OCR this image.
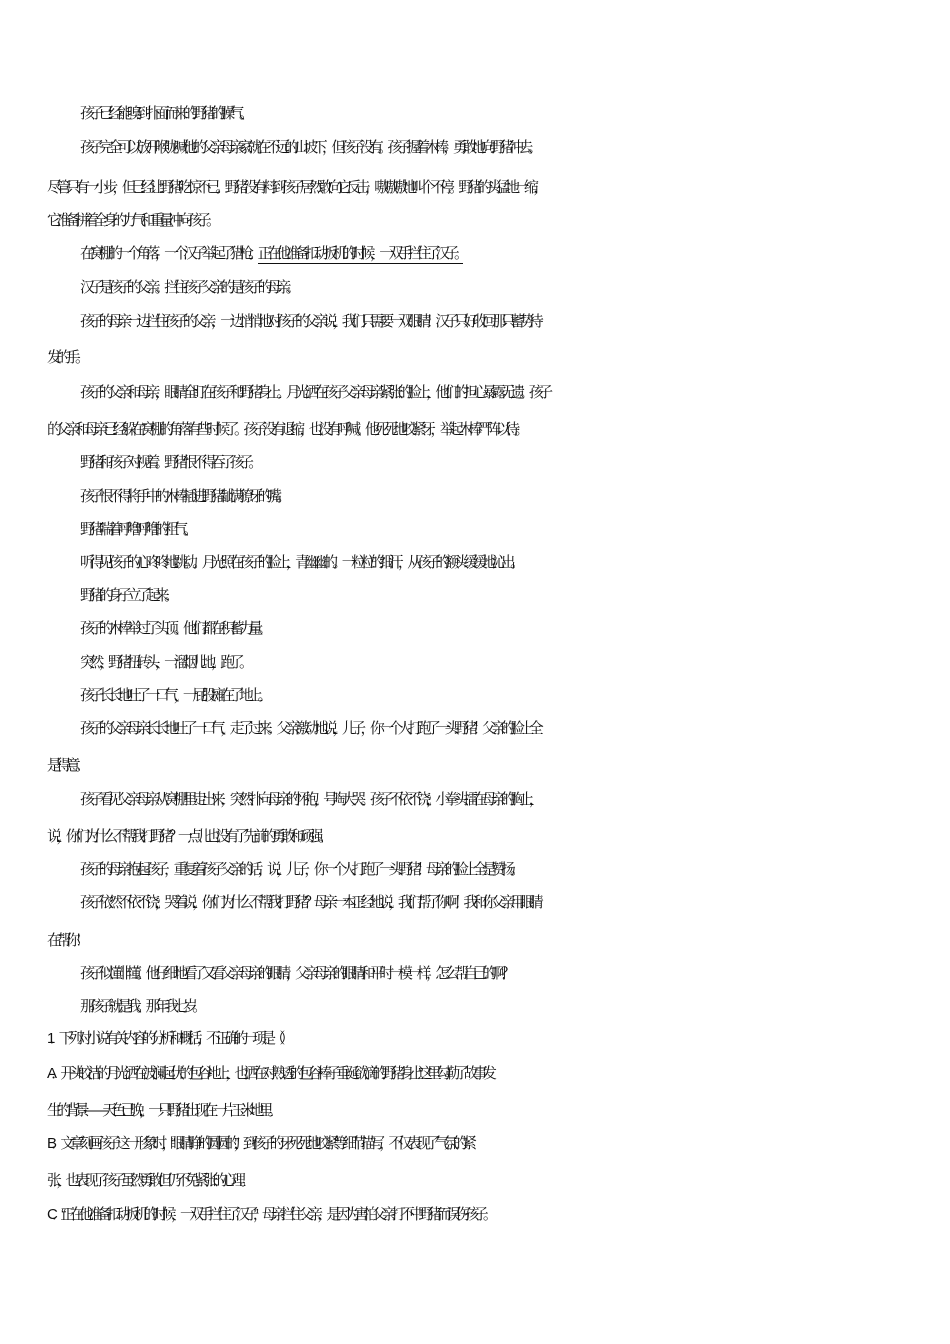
孩子已经能嗅到扑面而来的野猪的臊气。
孩子完全可以放开喉咙喊他的父亲母亲--家就在不远的山坡下，但孩子没有。孩子握着木棒，勇敢地向野猪冲去。
尽管只有一小步，但已经让野猪吃惊不已。野猪没有料到孩子居然敢向它反击，嗷嗷嗷地叫个不停。野猪的头猛地一缩，
它准备拼着全身的力气和重量冲向孩子。
在窝棚的一个角落，一个汉子举起了猎枪。正在他准备扣动扳机的时候，一双手拦住了汉子。
汉子是孩子的父亲。拦住孩子父亲的是孩子的母亲。
孩子的母亲一边拦住孩子的父亲，一边悄悄地对孩子的父亲说，我们只需要一双眼睛！汉子只好收回那只蓄势待
发的手。
孩子的父亲和母亲，眼睛全盯在孩子和野猪身上。月光洒在孩子父亲母亲紧张的脸上，他们的担心暴露无遗。孩子
的父亲和母亲已经躲在窝棚的角落有些时候了。孩子没有退缩，也没有呼喊。他死死地咬紧牙，举起木棒严阵以待。
野猪和孩子对视着。野猪恨不得吞了孩子。
孩子恨不得将手中的木棒插进野猪龇满獠牙的嘴。
野猪喘着呼噜呼噜的粗气。
听得见孩子的心咚咚地跳动。月光照在孩子的脸上，青幽幽的。一粒粒的细汗，从孩子的额头缓缓地沁出。
野猪的身子立了起来。
孩子的木棒举过了头顶。他们都在积蓄力量。
突然，野猪扭转头，一溜烟儿地，跑了。
孩子长长地吐了一口气，一屁股瘫在了地上。
孩子的父亲母亲长长地吐了一口气，走了过来。父亲激动地说，儿子，你一个人打跑了一头野猪！父亲的脸上全
是得意。
孩子看见父亲母亲从窝棚里走出来，突然扑向母亲的怀抱，号啕大哭。孩子不依不饶，小拳头擂在母亲的胸上，
说，你们为什么不帮我打野猪？一点儿也没有了先前的勇敢和顽强。
孩子的母亲抱起孩子，重复着孩子父亲的话，说，儿子，你一个人打跑了一头野猪！母亲的脸上全是赞扬。
孩子依然不依不饶，哭着说，你们为什么不帮我打野猪？母亲一本正经地说，我们帮了你啊！我和你父亲用眼睛
在帮你！
孩子似懂非懂。他仔细地看了又看父亲母亲的眼睛，父亲母亲的眼睛和平时一模一样，怎么帮自己的啊？
那孩子就是我。那年我七岁。
1．下列对小说有关内容的分析和概括，不正确的一项是（）
A．开头“皎洁的月光洒在波澜起伏的包谷地上，也洒在对熟透的包谷棒子垂涎欲滴的野猪身上”这里勾勒了故事发
生的背景——天色已晚，一只野猪出现在一片玉米地里。
B．文章刻画孩子这一形象时，“眼睛睁的圆圆的”，到“孩子的牙死死地咬紧”等细节描写，不仅表现了气氛的紧
张，也表现了孩子虽然勇敢但仍不免紧张的心理。
C．“正在他准备扣动扳机的时候，一双手拦住了汉子”，母亲拦住父亲，是因为害怕父亲打不中野猪而误伤孩子。
